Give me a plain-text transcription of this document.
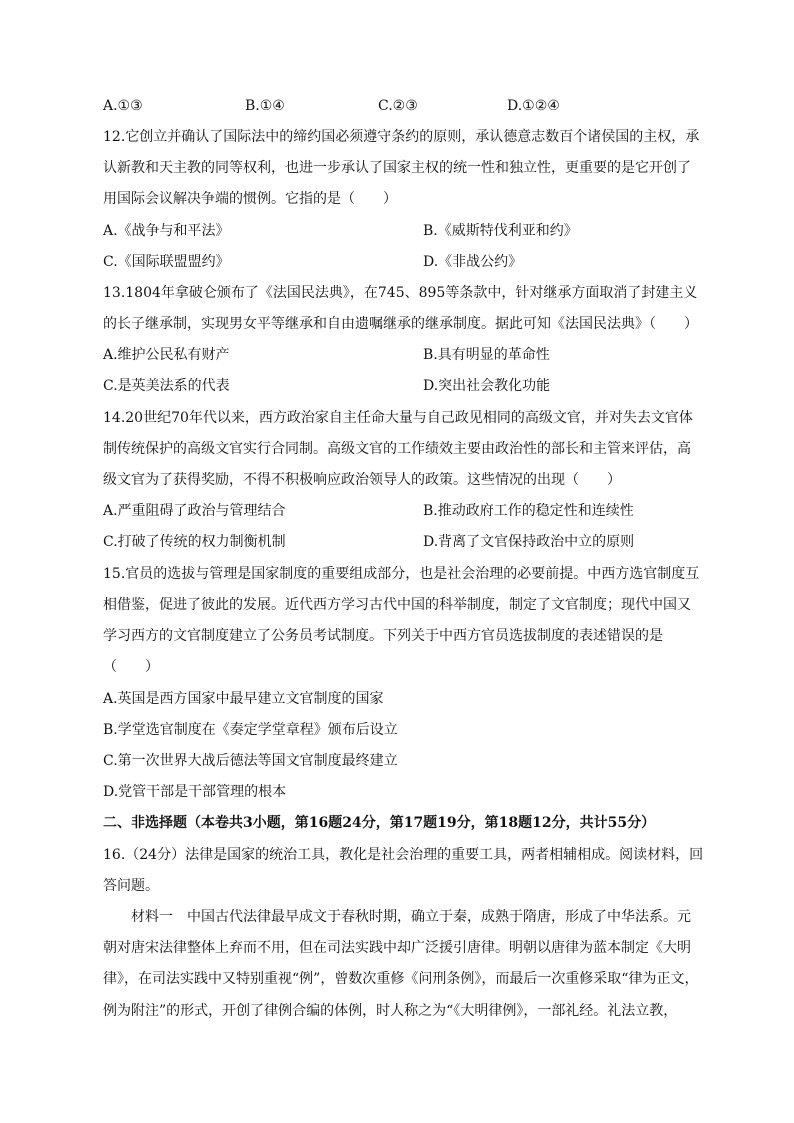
A.①③	B.①④	C.②③	D.①②④
12.它创立并确认了国际法中的缔约国必须遵守条约的原则，承认德意志数百个诸侯国的主权，承
认新教和天主教的同等权利，也进一步承认了国家主权的统一性和独立性，更重要的是它开创了
用国际会议解决争端的惯例。它指的是（　　）
A.《战争与和平法》	B.《威斯特伐利亚和约》
C.《国际联盟盟约》	D.《非战公约》
13.1804年拿破仑颁布了《法国民法典》，在745、895等条款中，针对继承方面取消了封建主义
的长子继承制，实现男女平等继承和自由遗嘱继承的继承制度。据此可知《法国民法典》（　　）
A.维护公民私有财产	B.具有明显的革命性
C.是英美法系的代表	D.突出社会教化功能
14.20世纪70年代以来，西方政治家自主任命大量与自己政见相同的高级文官，并对失去文官体
制传统保护的高级文官实行合同制。高级文官的工作绩效主要由政治性的部长和主管来评估，高
级文官为了获得奖励，不得不积极响应政治领导人的政策。这些情况的出现（　　）
A.严重阻碍了政治与管理结合	B.推动政府工作的稳定性和连续性
C.打破了传统的权力制衡机制	D.背离了文官保持政治中立的原则
15.官员的选拔与管理是国家制度的重要组成部分，也是社会治理的必要前提。中西方选官制度互
相借鉴，促进了彼此的发展。近代西方学习古代中国的科举制度，制定了文官制度；现代中国又
学习西方的文官制度建立了公务员考试制度。下列关于中西方官员选拔制度的表述错误的是
（　　）
A.英国是西方国家中最早建立文官制度的国家
B.学堂选官制度在《奏定学堂章程》颁布后设立
C.第一次世界大战后德法等国文官制度最终建立
D.党管干部是干部管理的根本
二、非选择题（本卷共3小题，第16题24分，第17题19分，第18题12分，共计55分）
16.（24分）法律是国家的统治工具，教化是社会治理的重要工具，两者相辅相成。阅读材料，回
答问题。
　　材料一　中国古代法律最早成文于春秋时期，确立于秦，成熟于隋唐，形成了中华法系。元
朝对唐宋法律整体上弃而不用，但在司法实践中却广泛援引唐律。明朝以唐律为蓝本制定《大明
律》，在司法实践中又特别重视“例”，曾数次重修《问刑条例》，而最后一次重修采取“律为正文，
例为附注”的形式，开创了律例合编的体例，时人称之为“《大明律例》，一部礼经。礼法立教，
